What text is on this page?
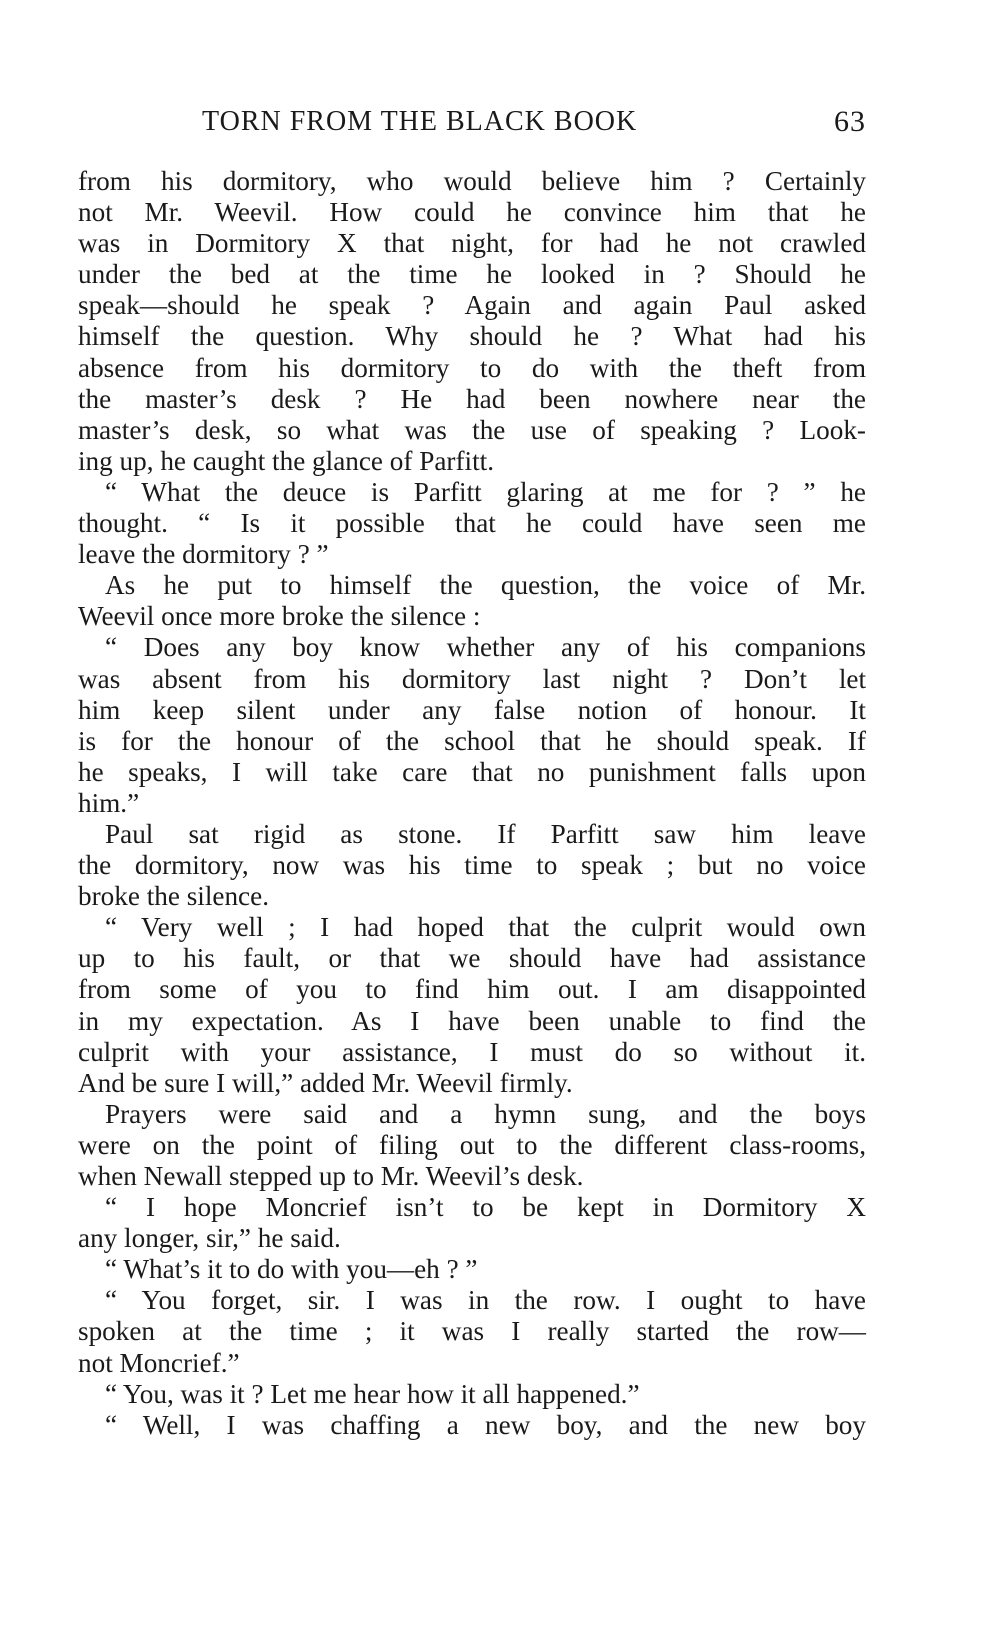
TORN FROM THE BLACK BOOK	63
from his dormitory, who would believe him ? Certainly
not Mr. Weevil. How could he convince him that he
was in Dormitory X that night, for had he not crawled
under the bed at the time he looked in ? Should he
speak—should he speak ? Again and again Paul asked
himself the question. Why should he ? What had his
absence from his dormitory to do with the theft from
the master’s desk ? He had been nowhere near the
master’s desk, so what was the use of speaking ? Look-
ing up, he caught the glance of Parfitt.
“ What the deuce is Parfitt glaring at me for ? ” he
thought. “ Is it possible that he could have seen me
leave the dormitory ? ”
As he put to himself the question, the voice of Mr.
Weevil once more broke the silence :
“ Does any boy know whether any of his companions
was absent from his dormitory last night ? Don’t let
him keep silent under any false notion of honour. It
is for the honour of the school that he should speak. If
he speaks, I will take care that no punishment falls upon
him.”
Paul sat rigid as stone. If Parfitt saw him leave
the dormitory, now was his time to speak ; but no voice
broke the silence.
“ Very well ; I had hoped that the culprit would own
up to his fault, or that we should have had assistance
from some of you to find him out. I am disappointed
in my expectation. As I have been unable to find the
culprit with your assistance, I must do so without it.
And be sure I will,” added Mr. Weevil firmly.
Prayers were said and a hymn sung, and the boys
were on the point of filing out to the different class-rooms,
when Newall stepped up to Mr. Weevil’s desk.
“ I hope Moncrief isn’t to be kept in Dormitory X
any longer, sir,” he said.
“ What’s it to do with you—eh ? ”
“ You forget, sir. I was in the row. I ought to have
spoken at the time ; it was I really started the row—
not Moncrief.”
“ You, was it ? Let me hear how it all happened.”
“ Well, I was chaffing a new boy, and the new boy
